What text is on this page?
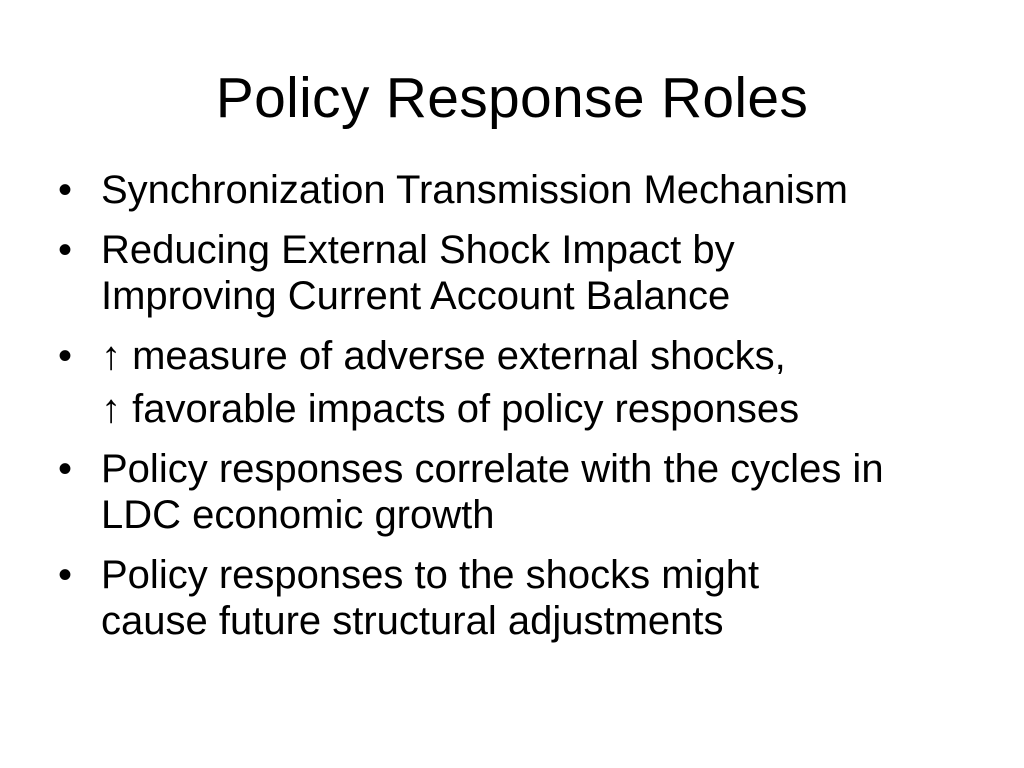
Policy Response Roles
• Synchronization Transmission Mechanism
• Reducing External Shock Impact by Improving Current Account Balance
• ↑ measure of adverse external shocks,
↑ favorable impacts of policy responses
• Policy responses correlate with the cycles in LDC economic growth
• Policy responses to the shocks might cause future structural adjustments
